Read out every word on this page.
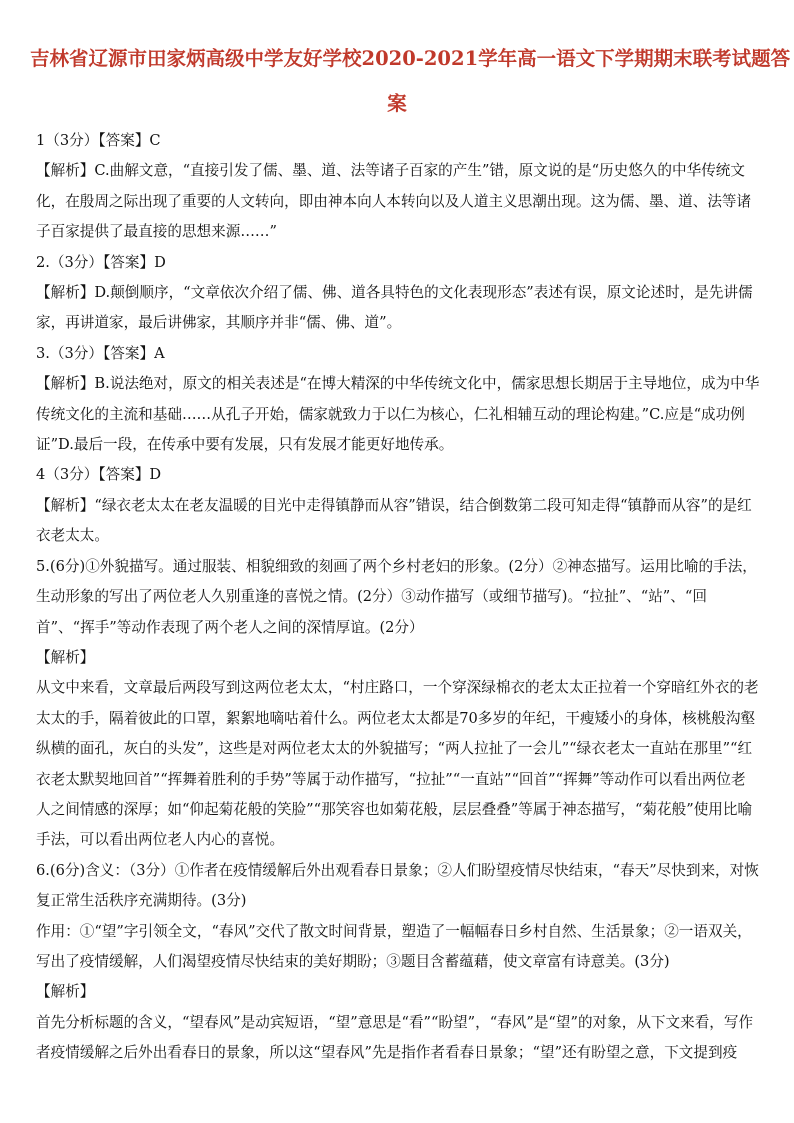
吉林省辽源市田家炳高级中学友好学校2020-2021学年高一语文下学期期末联考试题答
案

1（3分）【答案】C

【解析】C.曲解文意，“直接引发了儒、墨、道、法等诸子百家的产生”错，原文说的是“历史悠久的中华传统文化，在殷周之际出现了重要的人文转向，即由神本向人本转向以及人道主义思潮出现。这为儒、墨、道、法等诸子百家提供了最直接的思想来源……”

2.（3分）【答案】D

【解析】D.颠倒顺序，“文章依次介绍了儒、佛、道各具特色的文化表现形态”表述有误，原文论述时，是先讲儒家，再讲道家，最后讲佛家，其顺序并非“儒、佛、道”。

3.（3分）【答案】A

【解析】B.说法绝对，原文的相关表述是“在博大精深的中华传统文化中，儒家思想长期居于主导地位，成为中华传统文化的主流和基础……从孔子开始，儒家就致力于以仁为核心，仁礼相辅互动的理论构建。”C.应是“成功例证”D.最后一段，在传承中要有发展，只有发展才能更好地传承。

4（3分）【答案】D

【解析】“绿衣老太太在老友温暖的目光中走得镇静而从容”错误，结合倒数第二段可知走得“镇静而从容”的是红衣老太太。

5.(6分)①外貌描写。通过服装、相貌细致的刻画了两个乡村老妇的形象。(2分）②神态描写。运用比喻的手法，生动形象的写出了两位老人久别重逢的喜悦之情。(2分）③动作描写（或细节描写)。“拉扯”、“站”、“回首”、“挥手”等动作表现了两个老人之间的深情厚谊。(2分）

【解析】

从文中来看，文章最后两段写到这两位老太太，“村庄路口，一个穿深绿棉衣的老太太正拉着一个穿暗红外衣的老太太的手，隔着彼此的口罩，絮絮地嘀咕着什么。两位老太太都是70多岁的年纪，干瘦矮小的身体，核桃般沟壑纵横的面孔，灰白的头发”，这些是对两位老太太的外貌描写；“两人拉扯了一会儿”“绿衣老太一直站在那里”“红衣老太默契地回首”“挥舞着胜利的手势”等属于动作描写，“拉扯”“一直站”“回首”“挥舞”等动作可以看出两位老人之间情感的深厚；如“仰起菊花般的笑脸”“那笑容也如菊花般，层层叠叠”等属于神态描写，“菊花般”使用比喻手法，可以看出两位老人内心的喜悦。

6.(6分)含义：（3分）①作者在疫情缓解后外出观看春日景象；②人们盼望疫情尽快结束，“春天”尽快到来，对恢复正常生活秩序充满期待。(3分)

作用：①“望”字引领全文，“春风”交代了散文时间背景，塑造了一幅幅春日乡村自然、生活景象；②一语双关，写出了疫情缓解，人们渴望疫情尽快结束的美好期盼；③题目含蓄蕴藉，使文章富有诗意美。(3分)

【解析】

首先分析标题的含义，“望春风”是动宾短语，“望”意思是“看”“盼望”，“春风”是“望”的对象，从下文来看，写作者疫情缓解之后外出看春日的景象，所以这“望春风”先是指作者看春日景象；“望”还有盼望之意，下文提到疫
